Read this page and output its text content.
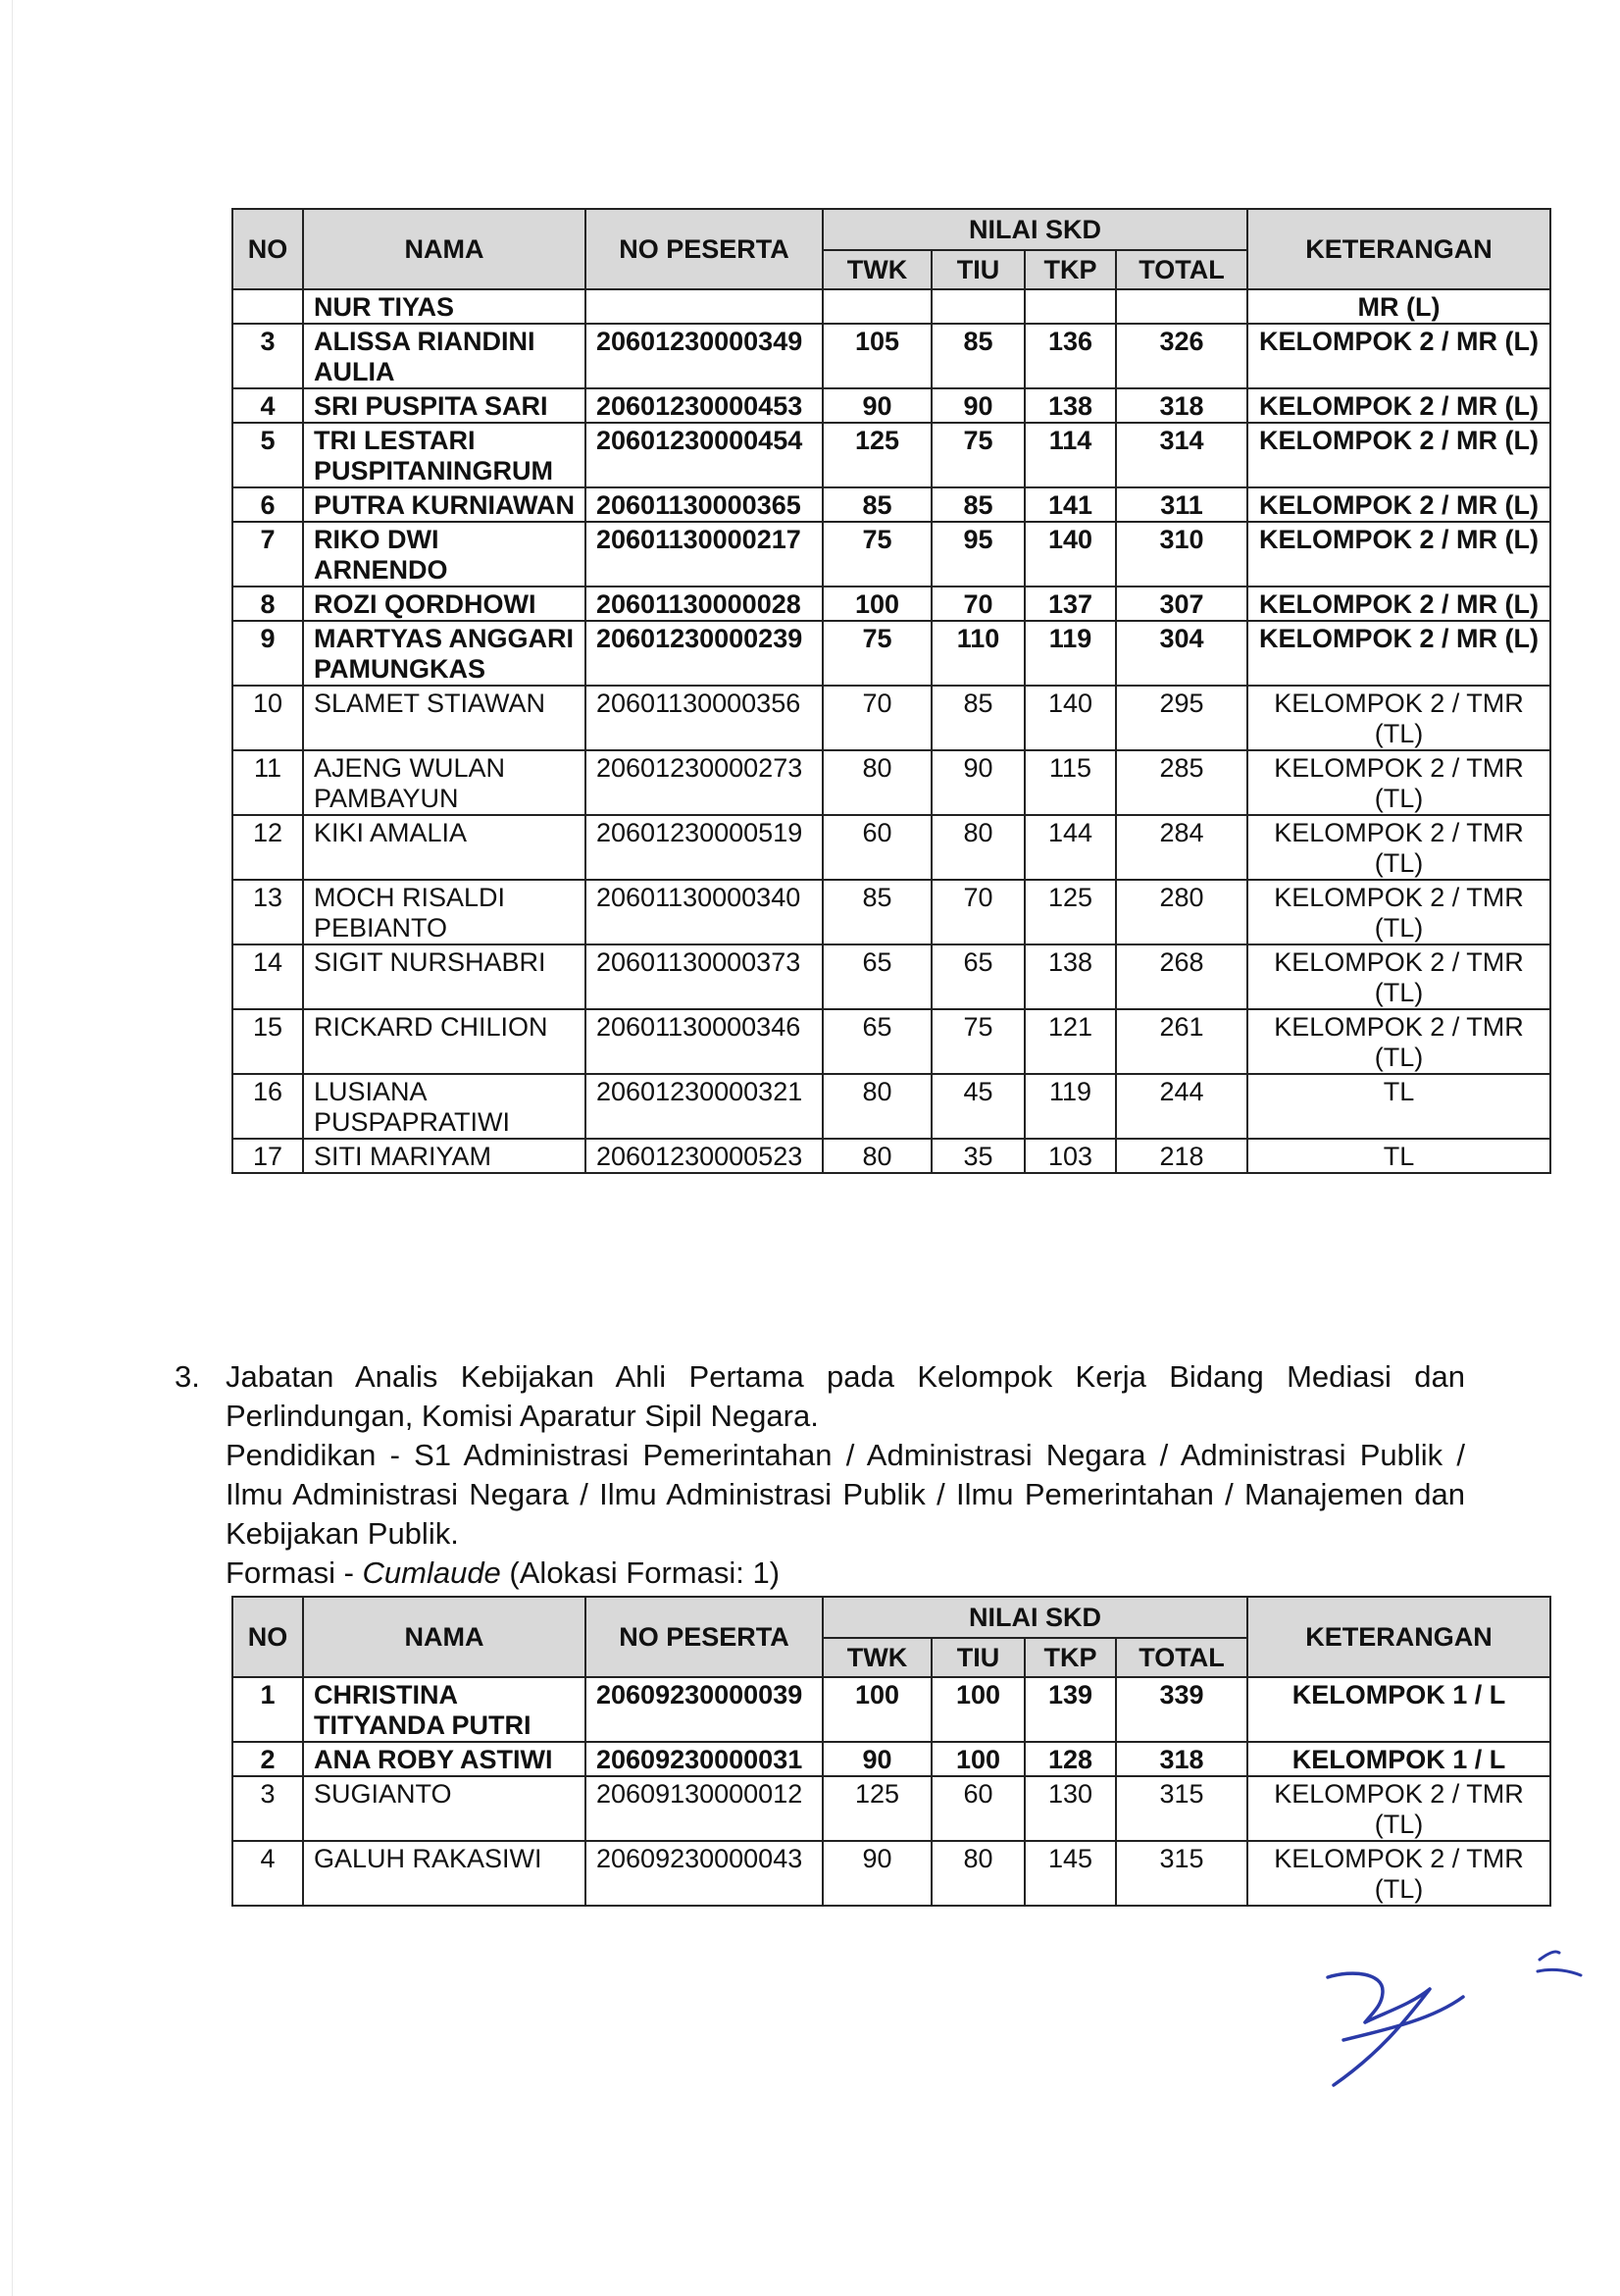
NO	NAMA	NO PESERTA	NILAI SKD				KETERANGAN
			TWK	TIU	TKP	TOTAL	
	NUR TIYAS						MR (L)
3	ALISSA RIANDINI AULIA	20601230000349	105	85	136	326	KELOMPOK 2 / MR (L)
4	SRI PUSPITA SARI	20601230000453	90	90	138	318	KELOMPOK 2 / MR (L)
5	TRI LESTARI PUSPITANINGRUM	20601230000454	125	75	114	314	KELOMPOK 2 / MR (L)
6	PUTRA KURNIAWAN	20601130000365	85	85	141	311	KELOMPOK 2 / MR (L)
7	RIKO DWI ARNENDO	20601130000217	75	95	140	310	KELOMPOK 2 / MR (L)
8	ROZI QORDHOWI	20601130000028	100	70	137	307	KELOMPOK 2 / MR (L)
9	MARTYAS ANGGARI PAMUNGKAS	20601230000239	75	110	119	304	KELOMPOK 2 / MR (L)
10	SLAMET STIAWAN	20601130000356	70	85	140	295	KELOMPOK 2 / TMR (TL)
11	AJENG WULAN PAMBAYUN	20601230000273	80	90	115	285	KELOMPOK 2 / TMR (TL)
12	KIKI AMALIA	20601230000519	60	80	144	284	KELOMPOK 2 / TMR (TL)
13	MOCH RISALDI PEBIANTO	20601130000340	85	70	125	280	KELOMPOK 2 / TMR (TL)
14	SIGIT NURSHABRI	20601130000373	65	65	138	268	KELOMPOK 2 / TMR (TL)
15	RICKARD CHILION	20601130000346	65	75	121	261	KELOMPOK 2 / TMR (TL)
16	LUSIANA PUSPAPRATIWI	20601230000321	80	45	119	244	TL
17	SITI MARIYAM	20601230000523	80	35	103	218	TL
3. Jabatan Analis Kebijakan Ahli Pertama pada Kelompok Kerja Bidang Mediasi dan Perlindungan, Komisi Aparatur Sipil Negara.

Pendidikan - S1 Administrasi Pemerintahan / Administrasi Negara / Administrasi Publik / Ilmu Administrasi Negara / Ilmu Administrasi Publik / Ilmu Pemerintahan / Manajemen dan Kebijakan Publik.

Formasi - Cumlaude (Alokasi Formasi: 1)

NO	NAMA	NO PESERTA	NILAI SKD				KETERANGAN
			TWK	TIU	TKP	TOTAL	
1	CHRISTINA TITYANDA PUTRI	20609230000039	100	100	139	339	KELOMPOK 1 / L
2	ANA ROBY ASTIWI	20609230000031	90	100	128	318	KELOMPOK 1 / L
3	SUGIANTO	20609130000012	125	60	130	315	KELOMPOK 2 / TMR (TL)
4	GALUH RAKASIWI	20609230000043	90	80	145	315	KELOMPOK 2 / TMR (TL)
